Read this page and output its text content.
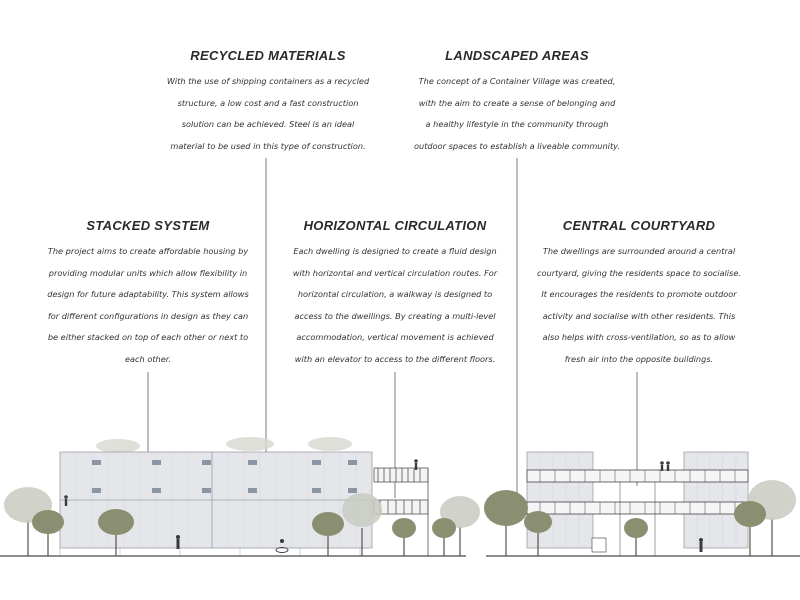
RECYCLED MATERIALS

With the use of shipping containers as a recycled
structure, a low cost and a fast construction
solution can be achieved. Steel is an ideal
material to be used in this type of construction.

LANDSCAPED AREAS

The concept of a Container Village was created,
with the aim to create a sense of belonging and
a healthy lifestyle in the community through
outdoor spaces to establish a liveable community.

STACKED SYSTEM

The project aims to create affordable housing by
providing modular units which allow flexibility in
design for future adaptability. This system allows
for different configurations in design as they can
be either stacked on top of each other or next to
each other.

HORIZONTAL CIRCULATION

Each dwelling is designed to create a fluid design
with horizontal and vertical circulation routes. For
horizontal circulation, a walkway is designed to
access to the dwellings. By creating a multi-level
accommodation, vertical movement is achieved
with an elevator to access to the different floors.

CENTRAL COURTYARD

The dwellings are surrounded around a central
courtyard, giving the residents space to socialise.
It encourages the residents to promote outdoor
activity and socialise with other residents. This
also helps with cross-ventilation, so as to allow
fresh air into the opposite buildings.
